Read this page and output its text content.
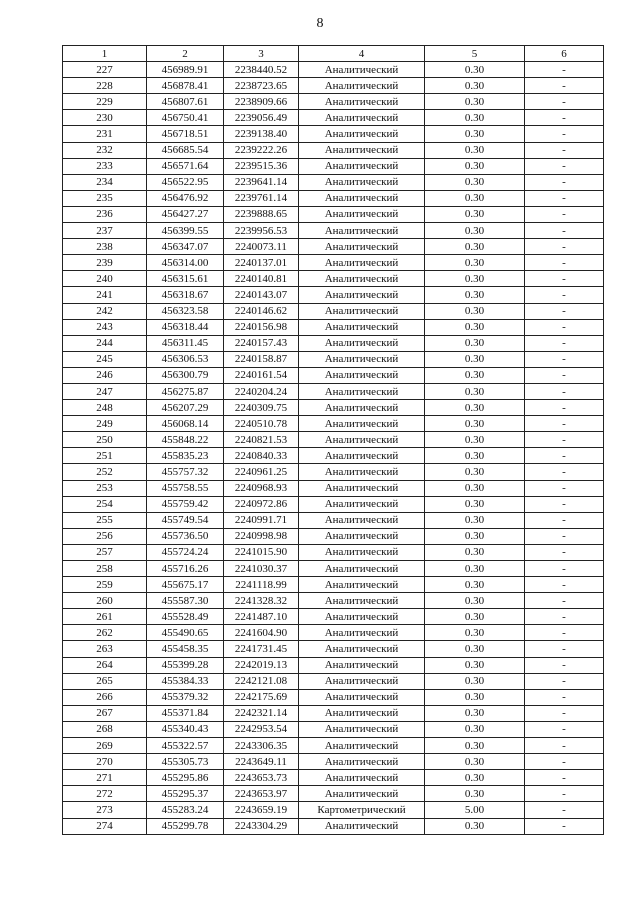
8
1	2	3	4	5	6
227	456989.91	2238440.52	Аналитический	0.30	-
228	456878.41	2238723.65	Аналитический	0.30	-
229	456807.61	2238909.66	Аналитический	0.30	-
230	456750.41	2239056.49	Аналитический	0.30	-
231	456718.51	2239138.40	Аналитический	0.30	-
232	456685.54	2239222.26	Аналитический	0.30	-
233	456571.64	2239515.36	Аналитический	0.30	-
234	456522.95	2239641.14	Аналитический	0.30	-
235	456476.92	2239761.14	Аналитический	0.30	-
236	456427.27	2239888.65	Аналитический	0.30	-
237	456399.55	2239956.53	Аналитический	0.30	-
238	456347.07	2240073.11	Аналитический	0.30	-
239	456314.00	2240137.01	Аналитический	0.30	-
240	456315.61	2240140.81	Аналитический	0.30	-
241	456318.67	2240143.07	Аналитический	0.30	-
242	456323.58	2240146.62	Аналитический	0.30	-
243	456318.44	2240156.98	Аналитический	0.30	-
244	456311.45	2240157.43	Аналитический	0.30	-
245	456306.53	2240158.87	Аналитический	0.30	-
246	456300.79	2240161.54	Аналитический	0.30	-
247	456275.87	2240204.24	Аналитический	0.30	-
248	456207.29	2240309.75	Аналитический	0.30	-
249	456068.14	2240510.78	Аналитический	0.30	-
250	455848.22	2240821.53	Аналитический	0.30	-
251	455835.23	2240840.33	Аналитический	0.30	-
252	455757.32	2240961.25	Аналитический	0.30	-
253	455758.55	2240968.93	Аналитический	0.30	-
254	455759.42	2240972.86	Аналитический	0.30	-
255	455749.54	2240991.71	Аналитический	0.30	-
256	455736.50	2240998.98	Аналитический	0.30	-
257	455724.24	2241015.90	Аналитический	0.30	-
258	455716.26	2241030.37	Аналитический	0.30	-
259	455675.17	2241118.99	Аналитический	0.30	-
260	455587.30	2241328.32	Аналитический	0.30	-
261	455528.49	2241487.10	Аналитический	0.30	-
262	455490.65	2241604.90	Аналитический	0.30	-
263	455458.35	2241731.45	Аналитический	0.30	-
264	455399.28	2242019.13	Аналитический	0.30	-
265	455384.33	2242121.08	Аналитический	0.30	-
266	455379.32	2242175.69	Аналитический	0.30	-
267	455371.84	2242321.14	Аналитический	0.30	-
268	455340.43	2242953.54	Аналитический	0.30	-
269	455322.57	2243306.35	Аналитический	0.30	-
270	455305.73	2243649.11	Аналитический	0.30	-
271	455295.86	2243653.73	Аналитический	0.30	-
272	455295.37	2243653.97	Аналитический	0.30	-
273	455283.24	2243659.19	Картометрический	5.00	-
274	455299.78	2243304.29	Аналитический	0.30	-
